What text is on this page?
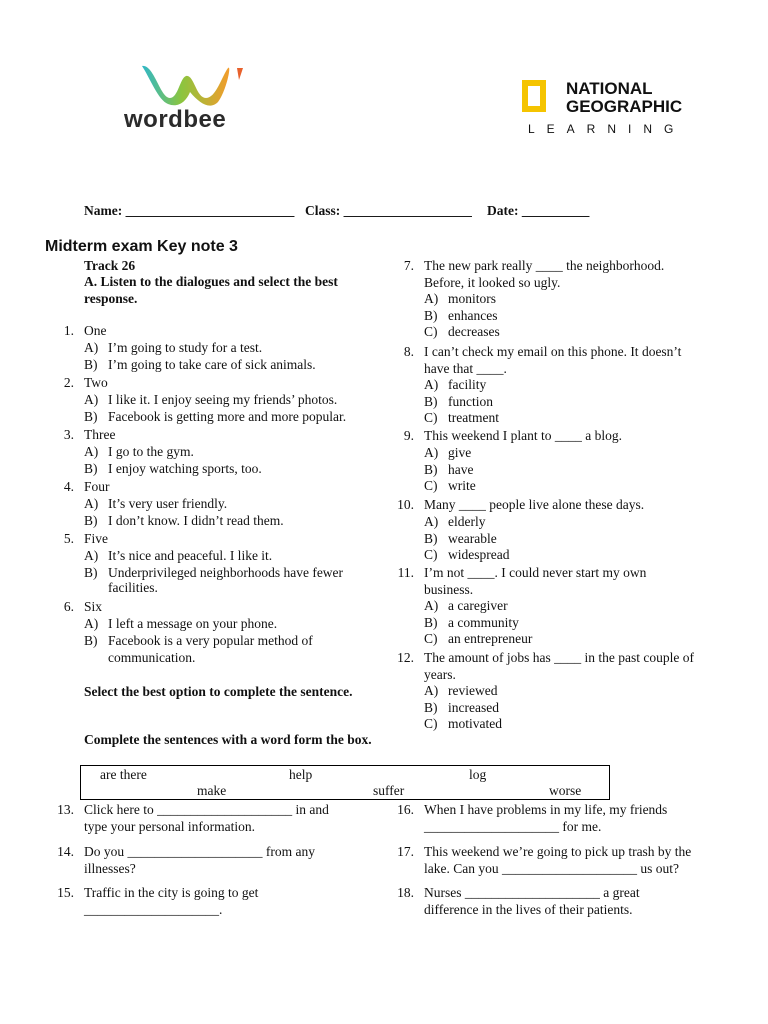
wordbee
NATIONAL
GEOGRAPHIC
LEARNING
Name: _________________________ Class: ___________________ Date: __________
Midterm exam Key note 3
Track 26
A. Listen to the dialogues and select the best
response.
1. One
A) I’m going to study for a test.
B) I’m going to take care of sick animals.
2. Two
A) I like it. I enjoy seeing my friends’ photos.
B) Facebook is getting more and more popular.
3. Three
A) I go to the gym.
B) I enjoy watching sports, too.
4. Four
A) It’s very user friendly.
B) I don’t know. I didn’t read them.
5. Five
A) It’s nice and peaceful. I like it.
B) Underprivileged neighborhoods have fewer
6. Six
A) I left a message on your phone.
B) Facebook is a very popular method of
facilities.
communication.
Select the best option to complete the sentence.
Complete the sentences with a word form the box.
7. The new park really ____ the neighborhood.
Before, it looked so ugly.
A) monitors
B) enhances
C) decreases
8. I can’t check my email on this phone. It doesn’t
have that ____.
A) facility
B) function
C) treatment
9. This weekend I plant to ____ a blog.
A) give
B) have
C) write
10. Many ____ people live alone these days.
A) elderly
B) wearable
C) widespread
11. I’m not ____. I could never start my own
business.
A) a caregiver
B) a community
C) an entrepreneur
12. The amount of jobs has ____ in the past couple of
years.
A) reviewed
B) increased
C) motivated
are there	help	log
make	suffer	worse
13. Click here to ____________________ in and
type your personal information.
14. Do you ____________________ from any
illnesses?
15. Traffic in the city is going to get
____________________.
16. When I have problems in my life, my friends
____________________ for me.
17. This weekend we’re going to pick up trash by the
lake. Can you ____________________ us out?
18. Nurses ____________________ a great
difference in the lives of their patients.
